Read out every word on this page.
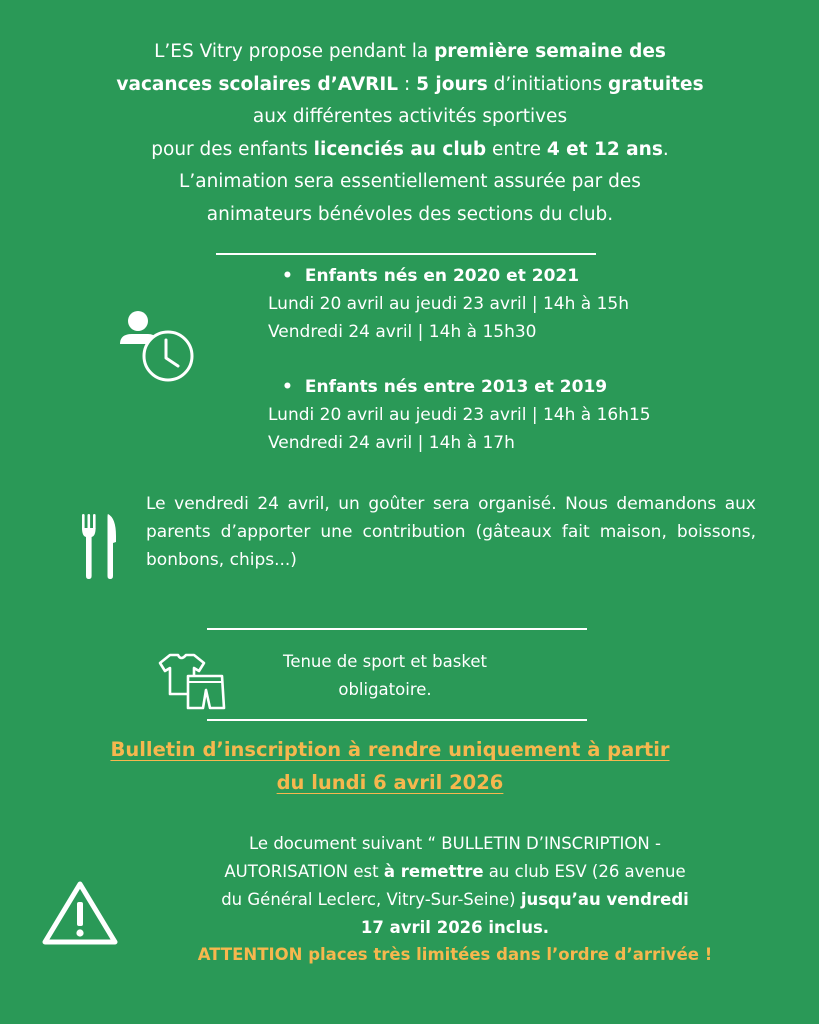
L’ES Vitry propose pendant la première semaine des
vacances scolaires d’AVRIL : 5 jours d’initiations gratuites
aux différentes activités sportives
pour des enfants licenciés au club entre 4 et 12 ans.
L’animation sera essentiellement assurée par des
animateurs bénévoles des sections du club.
• Enfants nés en 2020 et 2021
Lundi 20 avril au jeudi 23 avril | 14h à 15h
Vendredi 24 avril | 14h à 15h30
• Enfants nés entre 2013 et 2019
Lundi 20 avril au jeudi 23 avril | 14h à 16h15
Vendredi 24 avril | 14h à 17h
Le vendredi 24 avril, un goûter sera organisé. Nous demandons aux parents d’apporter une contribution (gâteaux fait maison, boissons, bonbons, chips...)
Tenue de sport et basket
obligatoire.
Bulletin d’inscription à rendre uniquement à partir
du lundi 6 avril 2026
Le document suivant “ BULLETIN D’INSCRIPTION -
AUTORISATION est à remettre au club ESV (26 avenue
du Général Leclerc, Vitry-Sur-Seine) jusqu’au vendredi
17 avril 2026 inclus.
ATTENTION places très limitées dans l’ordre d’arrivée !
